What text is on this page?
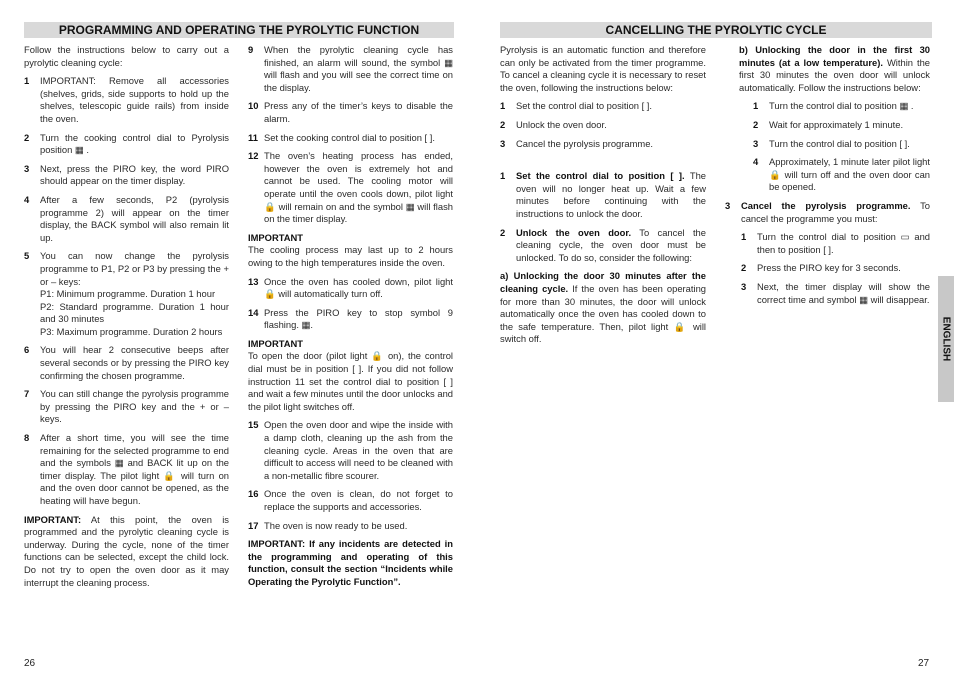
PROGRAMMING AND OPERATING THE PYROLYTIC FUNCTION

Follow the instructions below to carry out a pyrolytic cleaning cycle:

1	IMPORTANT: Remove all accessories (shelves, grids, side supports to hold up the shelves, telescopic guide rails) from inside the oven.
2	Turn the cooking control dial to Pyrolysis position ▦ .
3	Next, press the PIRO key, the word PIRO should appear on the timer display.
4	After a few seconds, P2 (pyrolysis programme 2) will appear on the timer display, the BACK symbol will also remain lit up.
5	You can now change the pyrolysis programme to P1, P2 or P3 by pressing the + or – keys:
P1: Minimum programme. Duration 1 hour
P2: Standard programme. Duration 1 hour and 30 minutes
P3: Maximum programme. Duration 2 hours
6	You will hear 2 consecutive beeps after several seconds or by pressing the PIRO key confirming the chosen programme.
7	You can still change the pyrolysis programme by pressing the PIRO key and the + or – keys.
8	After a short time, you will see the time remaining for the selected programme to end and the symbols ▦ and BACK lit up on the timer display. The pilot light 🔒 will turn on and the oven door cannot be opened, as the heating will have begun.

IMPORTANT: At this point, the oven is programmed and the pyrolytic cleaning cycle is underway. During the cycle, none of the timer functions can be selected, except the child lock. Do not try to open the oven door as it may interrupt the cleaning process.

9	When the pyrolytic cleaning cycle has finished, an alarm will sound, the symbol ▦ will flash and you will see the correct time on the display.
10 Press any of the timer’s keys to disable the alarm.
11 Set the cooking control dial to position [ ].
12 The oven’s heating process has ended, however the oven is extremely hot and cannot be used. The cooling motor will operate until the oven cools down, pilot light 🔒 will remain on and the symbol ▦ will flash on the timer display.
IMPORTANT

The cooling process may last up to 2 hours owing to the high temperatures inside the oven.

13 Once the oven has cooled down, pilot light 🔒 will automatically turn off.
14 Press the PIRO key to stop symbol 9 flashing. ▦.
IMPORTANT

To open the door (pilot light 🔒 on), the control dial must be in position [ ]. If you did not follow instruction 11 set the control dial to position [ ] and wait a few minutes until the door unlocks and the pilot light switches off.

15 Open the oven door and wipe the inside with a damp cloth, cleaning up the ash from the cleaning cycle. Areas in the oven that are difficult to access will need to be cleaned with a non-metallic fibre scourer.
16 Once the oven is clean, do not forget to replace the supports and accessories.
17 The oven is now ready to be used.

IMPORTANT: If any incidents are detected in the programming and operating of this function, consult the section “Incidents while Operating the Pyrolytic Function”.

26
CANCELLING THE PYROLYTIC CYCLE

Pyrolysis is an automatic function and therefore can only be activated from the timer programme. To cancel a cleaning cycle it is necessary to reset the oven, following the instructions below:

1	Set the control dial to position [ ].
2	Unlock the oven door.
3	Cancel the pyrolysis programme.
1	Set the control dial to position [ ]. The oven will no longer heat up. Wait a few minutes before continuing with the instructions to unlock the door.
2	Unlock the oven door. To cancel the cleaning cycle, the oven door must be unlocked. To do so, consider the following:

a) Unlocking the door 30 minutes after the cleaning cycle. If the oven has been operating for more than 30 minutes, the door will unlock automatically once the oven has cooled down to the safe temperature. Then, pilot light 🔒 will switch off.

b) Unlocking the door in the first 30 minutes (at a low temperature). Within the first 30 minutes the oven door will unlock automatically. Follow the instructions below:

1	Turn the control dial to position ▦ .
2	Wait for approximately 1 minute.
3	Turn the control dial to position [ ].
4	Approximately, 1 minute later pilot light 🔒 will turn off and the oven door can be opened.
3	Cancel the pyrolysis programme. To cancel the programme you must:
1	Turn the control dial to position ▭ and then to position [ ].
2	Press the PIRO key for 3 seconds.
3	Next, the timer display will show the correct time and symbol ▦ will disappear.
27
ENGLISH
